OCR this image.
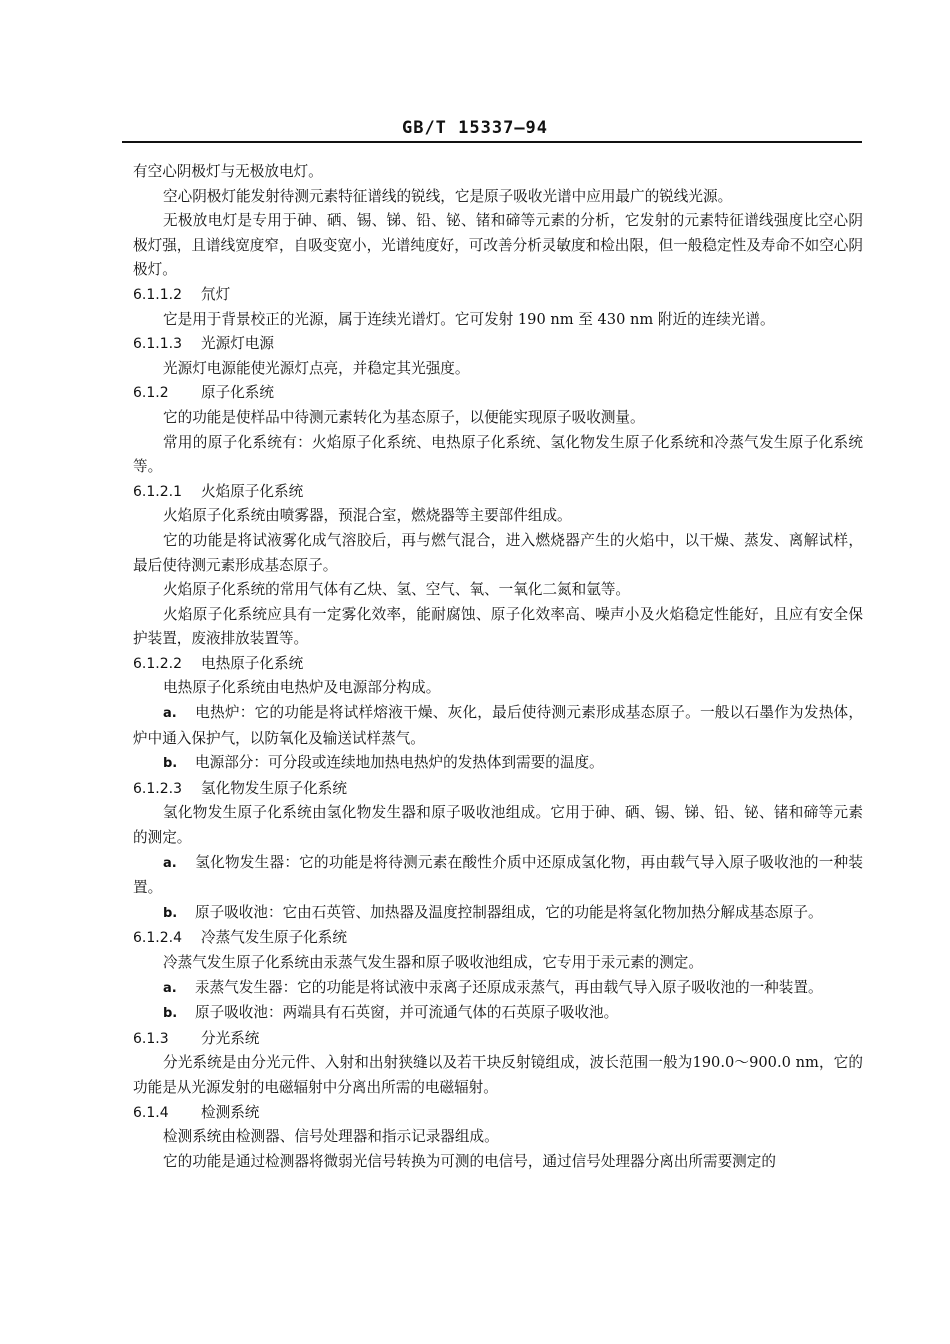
GB/T 15337—94

有空心阴极灯与无极放电灯。

空心阴极灯能发射待测元素特征谱线的锐线，它是原子吸收光谱中应用最广的锐线光源。

无极放电灯是专用于砷、硒、锡、锑、铅、铋、锗和碲等元素的分析，它发射的元素特征谱线强度比空心阴极灯强，且谱线宽度窄，自吸变宽小，光谱纯度好，可改善分析灵敏度和检出限，但一般稳定性及寿命不如空心阴极灯。

6.1.1.2 氘灯

它是用于背景校正的光源，属于连续光谱灯。它可发射 190 nm 至 430 nm 附近的连续光谱。

6.1.1.3 光源灯电源

光源灯电源能使光源灯点亮，并稳定其光强度。

6.1.2 原子化系统

它的功能是使样品中待测元素转化为基态原子，以便能实现原子吸收测量。

常用的原子化系统有：火焰原子化系统、电热原子化系统、氢化物发生原子化系统和冷蒸气发生原子化系统等。

6.1.2.1 火焰原子化系统

火焰原子化系统由喷雾器，预混合室，燃烧器等主要部件组成。

它的功能是将试液雾化成气溶胶后，再与燃气混合，进入燃烧器产生的火焰中，以干燥、蒸发、离解试样，最后使待测元素形成基态原子。

火焰原子化系统的常用气体有乙炔、氢、空气、氧、一氧化二氮和氩等。

火焰原子化系统应具有一定雾化效率，能耐腐蚀、原子化效率高、噪声小及火焰稳定性能好，且应有安全保护装置，废液排放装置等。

6.1.2.2 电热原子化系统

电热原子化系统由电热炉及电源部分构成。

a. 电热炉：它的功能是将试样熔液干燥、灰化，最后使待测元素形成基态原子。一般以石墨作为发热体，炉中通入保护气，以防氧化及输送试样蒸气。

b. 电源部分：可分段或连续地加热电热炉的发热体到需要的温度。

6.1.2.3 氢化物发生原子化系统

氢化物发生原子化系统由氢化物发生器和原子吸收池组成。它用于砷、硒、锡、锑、铅、铋、锗和碲等元素的测定。

a. 氢化物发生器：它的功能是将待测元素在酸性介质中还原成氢化物，再由载气导入原子吸收池的一种装置。

b. 原子吸收池：它由石英管、加热器及温度控制器组成，它的功能是将氢化物加热分解成基态原子。

6.1.2.4 冷蒸气发生原子化系统

冷蒸气发生原子化系统由汞蒸气发生器和原子吸收池组成，它专用于汞元素的测定。

a. 汞蒸气发生器：它的功能是将试液中汞离子还原成汞蒸气，再由载气导入原子吸收池的一种装置。

b. 原子吸收池：两端具有石英窗，并可流通气体的石英原子吸收池。

6.1.3 分光系统

分光系统是由分光元件、入射和出射狭缝以及若干块反射镜组成，波长范围一般为190.0～900.0 nm，它的功能是从光源发射的电磁辐射中分离出所需的电磁辐射。

6.1.4 检测系统

检测系统由检测器、信号处理器和指示记录器组成。

它的功能是通过检测器将微弱光信号转换为可测的电信号，通过信号处理器分离出所需要测定的
